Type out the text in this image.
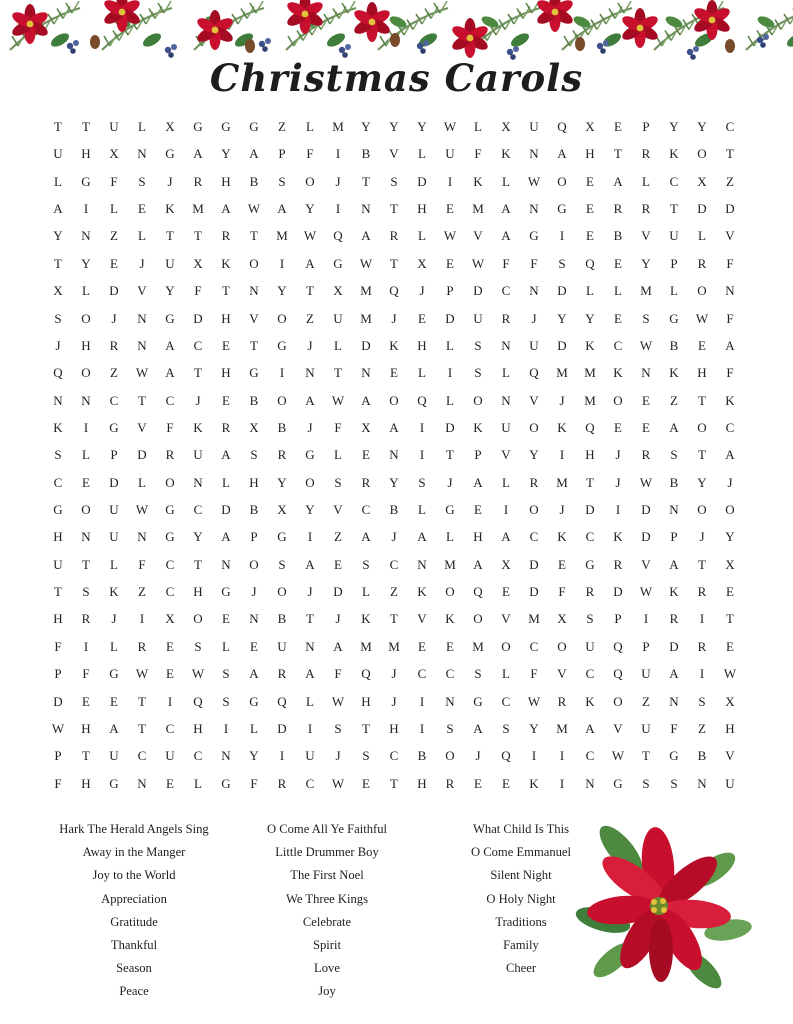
Christmas Carols
T	T	U	L	X	G	G	G	Z	L	M	Y	Y	Y	W	L	X	U	Q	X	E	P	Y	Y	C
U	H	X	N	G	A	Y	A	P	F	I	B	V	L	U	F	K	N	A	H	T	R	K	O	T
L	G	F	S	J	R	H	B	S	O	J	T	S	D	I	K	L	W	O	E	A	L	C	X	Z
A	I	L	E	K	M	A	W	A	Y	I	N	T	H	E	M	A	N	G	E	R	R	T	D	D
Y	N	Z	L	T	T	R	T	M	W	Q	A	R	L	W	V	A	G	I	E	B	V	U	L	V
T	Y	E	J	U	X	K	O	I	A	G	W	T	X	E	W	F	F	S	Q	E	Y	P	R	F
X	L	D	V	Y	F	T	N	Y	T	X	M	Q	J	P	D	C	N	D	L	L	M	L	O	N
S	O	J	N	G	D	H	V	O	Z	U	M	J	E	D	U	R	J	Y	Y	E	S	G	W	F
J	H	R	N	A	C	E	T	G	J	L	D	K	H	L	S	N	U	D	K	C	W	B	E	A
Q	O	Z	W	A	T	H	G	I	N	T	N	E	L	I	S	L	Q	M	M	K	N	K	H	F
N	N	C	T	C	J	E	B	O	A	W	A	O	Q	L	O	N	V	J	M	O	E	Z	T	K
K	I	G	V	F	K	R	X	B	J	F	X	A	I	D	K	U	O	K	Q	E	E	A	O	C
S	L	P	D	R	U	A	S	R	G	L	E	N	I	T	P	V	Y	I	H	J	R	S	T	A
C	E	D	L	O	N	L	H	Y	O	S	R	Y	S	J	A	L	R	M	T	J	W	B	Y	J
G	O	U	W	G	C	D	B	X	Y	V	C	B	L	G	E	I	O	J	D	I	D	N	O	O
H	N	U	N	G	Y	A	P	G	I	Z	A	J	A	L	H	A	C	K	C	K	D	P	J	Y
U	T	L	F	C	T	N	O	S	A	E	S	C	N	M	A	X	D	E	G	R	V	A	T	X
T	S	K	Z	C	H	G	J	O	J	D	L	Z	K	O	Q	E	D	F	R	D	W	K	R	E
H	R	J	I	X	O	E	N	B	T	J	K	T	V	K	O	V	M	X	S	P	I	R	I	T
F	I	L	R	E	S	L	E	U	N	A	M	M	E	E	M	O	C	O	U	Q	P	D	R	E
P	F	G	W	E	W	S	A	R	A	F	Q	J	C	C	S	L	F	V	C	Q	U	A	I	W
D	E	E	T	I	Q	S	G	Q	L	W	H	J	I	N	G	C	W	R	K	O	Z	N	S	X
W	H	A	T	C	H	I	L	D	I	S	T	H	I	S	A	S	Y	M	A	V	U	F	Z	H
P	T	U	C	U	C	N	Y	I	U	J	S	C	B	O	J	Q	I	I	C	W	T	G	B	V
F	H	G	N	E	L	G	F	R	C	W	E	T	H	R	E	E	K	I	N	G	S	S	N	U
Hark The Herald Angels Sing
Away in the Manger
Joy to the World
Appreciation
Gratitude
Thankful
Season
Peace
O Come All Ye Faithful
Little Drummer Boy
The First Noel
We Three Kings
Celebrate
Spirit
Love
Joy
What Child Is This
O Come Emmanuel
Silent Night
O Holy Night
Traditions
Family
Cheer
